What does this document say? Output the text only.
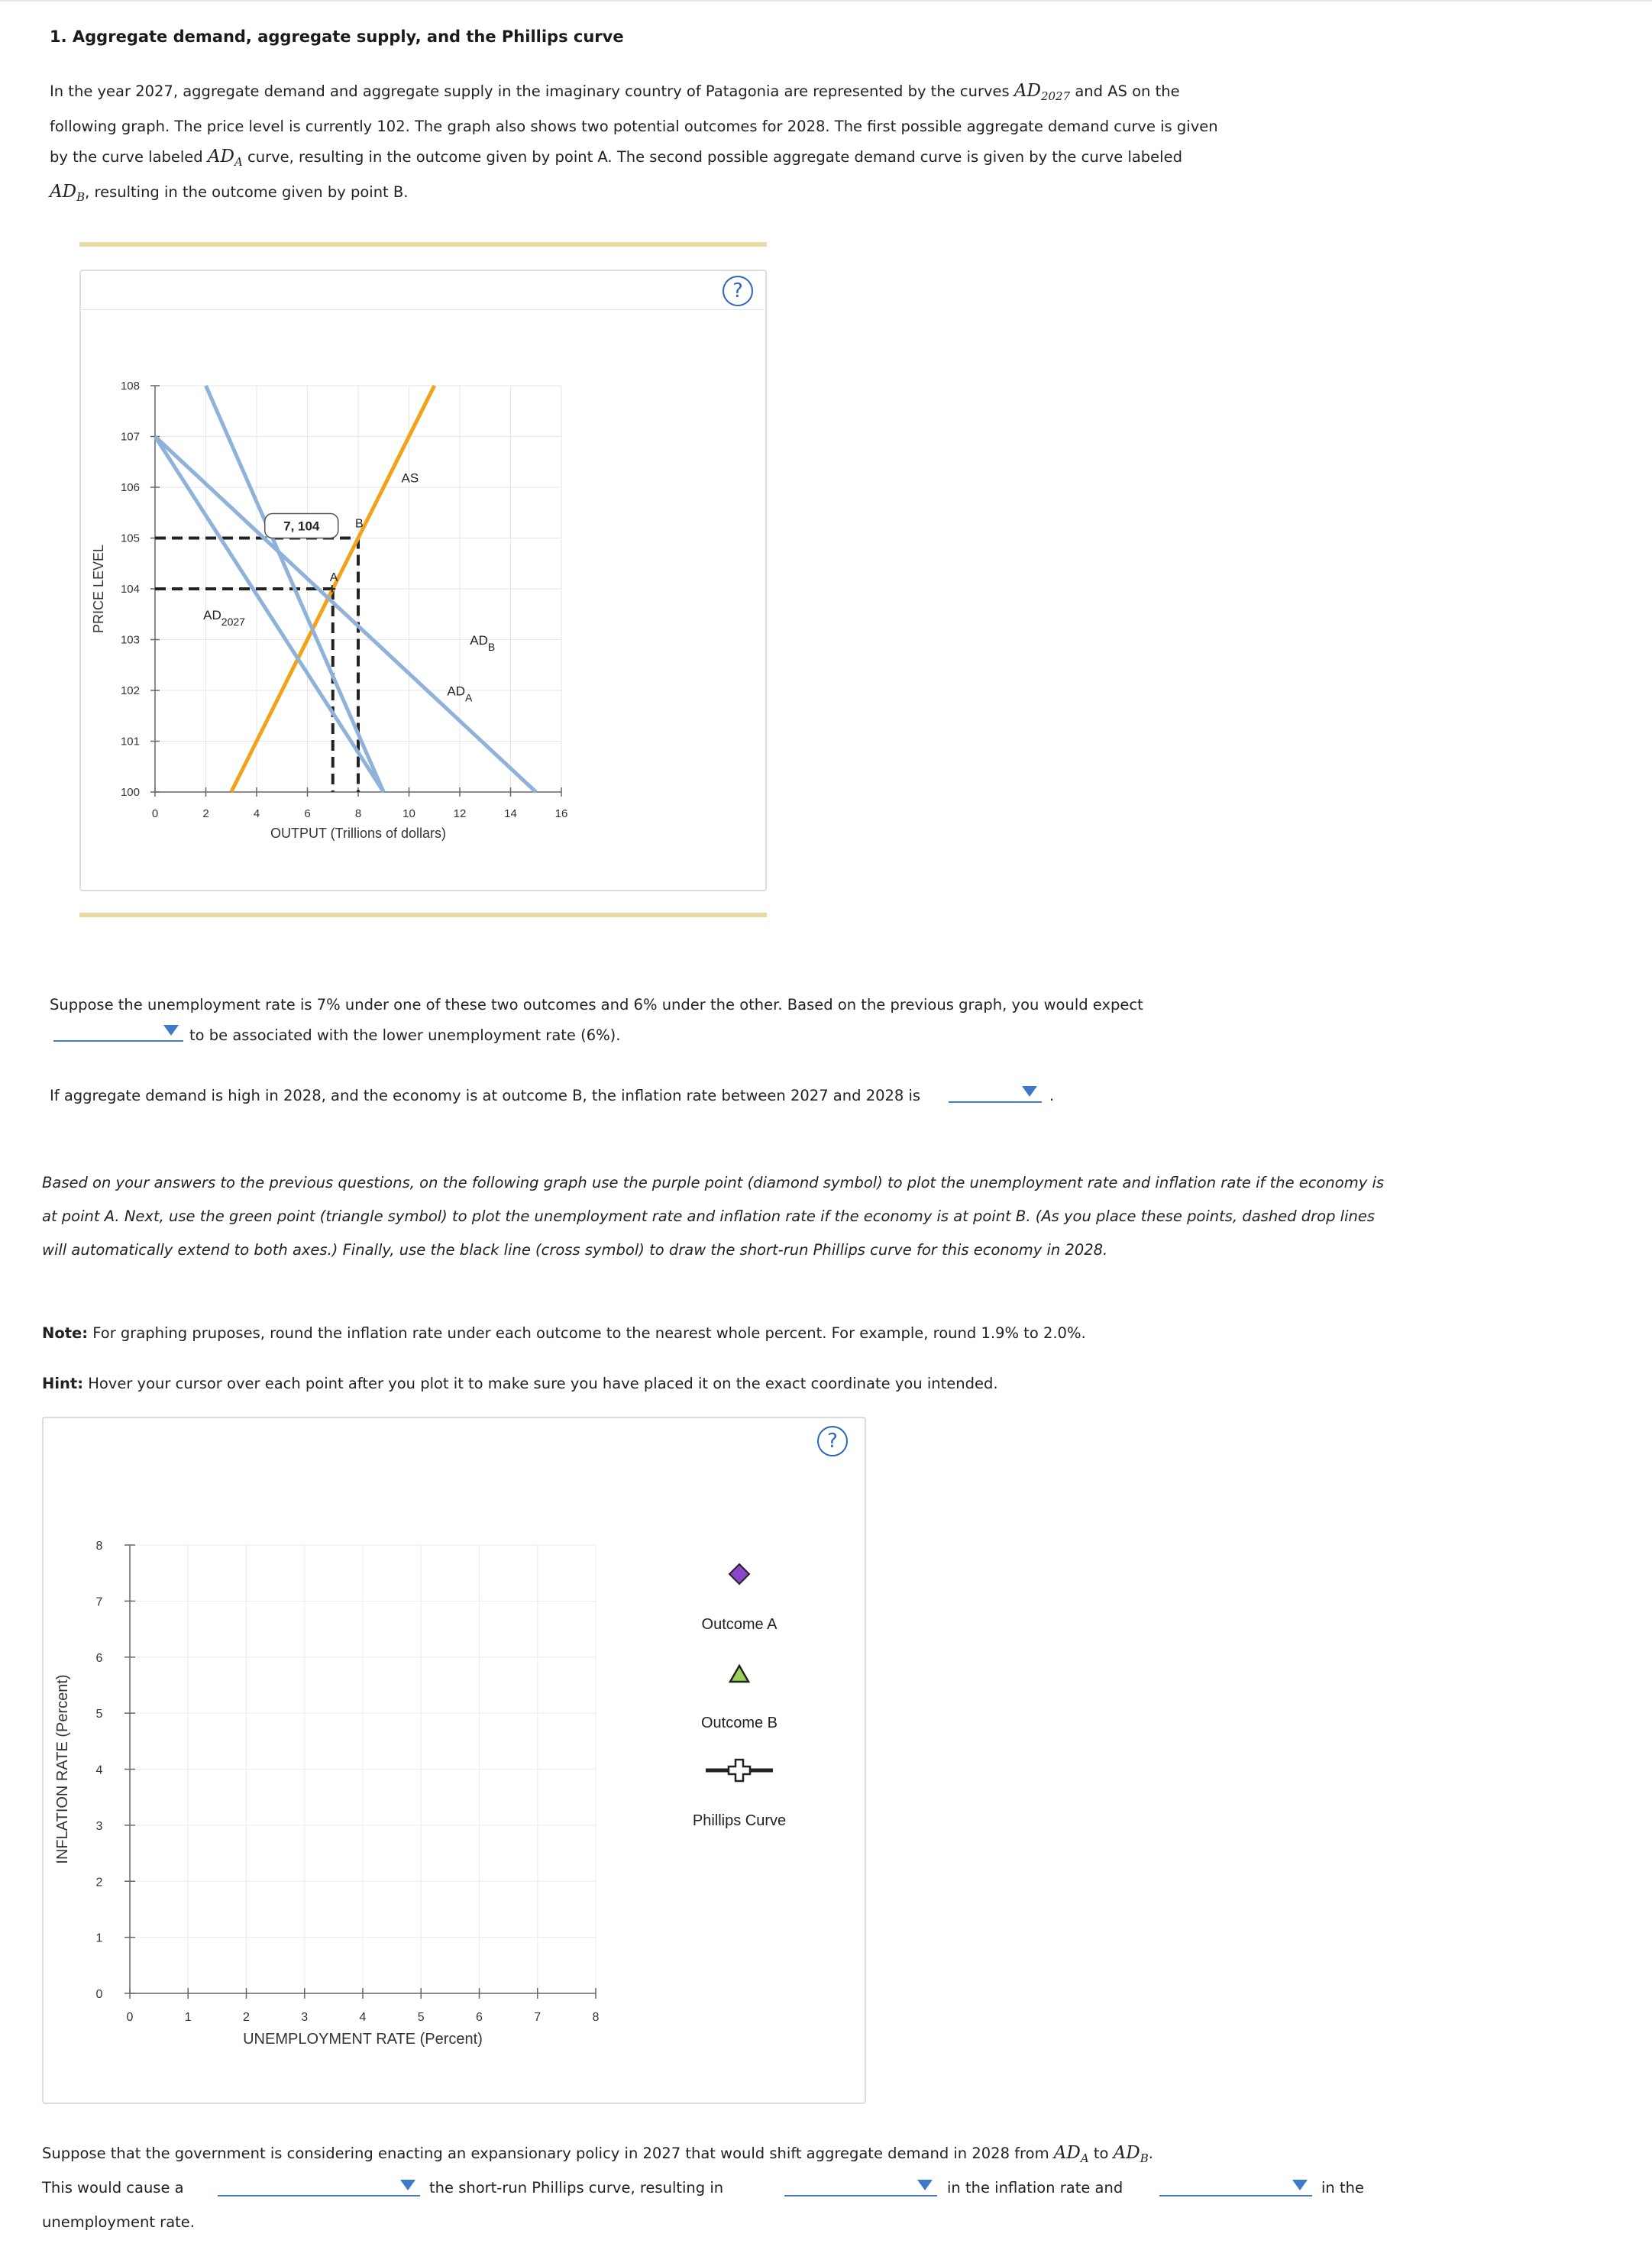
1. Aggregate demand, aggregate supply, and the Phillips curve
In the year 2027, aggregate demand and aggregate supply in the imaginary country of Patagonia are represented by the curves $AD_{2027}$ and AS on the following graph. The price level is currently 102. The graph also shows two potential outcomes for 2028. The first possible aggregate demand curve is given by the curve labeled $AD_A$ curve, resulting in the outcome given by point A. The second possible aggregate demand curve is given by the curve labeled $AD_B$, resulting in the outcome given by point B.
?
0	2	4	6	8	10	12	14	16
100
101
102
103
104
105
106
107
108
OUTPUT (Trillions of dollars)
PRICE LEVEL
AS
$AD_{2027}$
$AD_B$
$AD_A$
A
B
+
7, 104
Suppose the unemployment rate is 7% under one of these two outcomes and 6% under the other. Based on the previous graph, you would expect
to be associated with the lower unemployment rate (6%).
If aggregate demand is high in 2028, and the economy is at outcome B, the inflation rate between 2027 and 2028 is	.
Based on your answers to the previous questions, on the following graph use the purple point (diamond symbol) to plot the unemployment rate and inflation rate if the economy is at point A. Next, use the green point (triangle symbol) to plot the unemployment rate and inflation rate if the economy is at point B. (As you place these points, dashed drop lines will automatically extend to both axes.) Finally, use the black line (cross symbol) to draw the short-run Phillips curve for this economy in 2028.
Note: For graphing pruposes, round the inflation rate under each outcome to the nearest whole percent. For example, round 1.9% to 2.0%.
Hint: Hover your cursor over each point after you plot it to make sure you have placed it on the exact coordinate you intended.
?
0	1	2	3	4	5	6	7	8
0
1
2
3
4
5
6
7
8
UNEMPLOYMENT RATE (Percent)
INFLATION RATE (Percent)
Outcome A
Outcome B
Phillips Curve
Suppose that the government is considering enacting an expansionary policy in 2027 that would shift aggregate demand in 2028 from $AD_A$ to $AD_B$.
This would cause a	the short-run Phillips curve, resulting in	in the inflation rate and	in the
unemployment rate.
